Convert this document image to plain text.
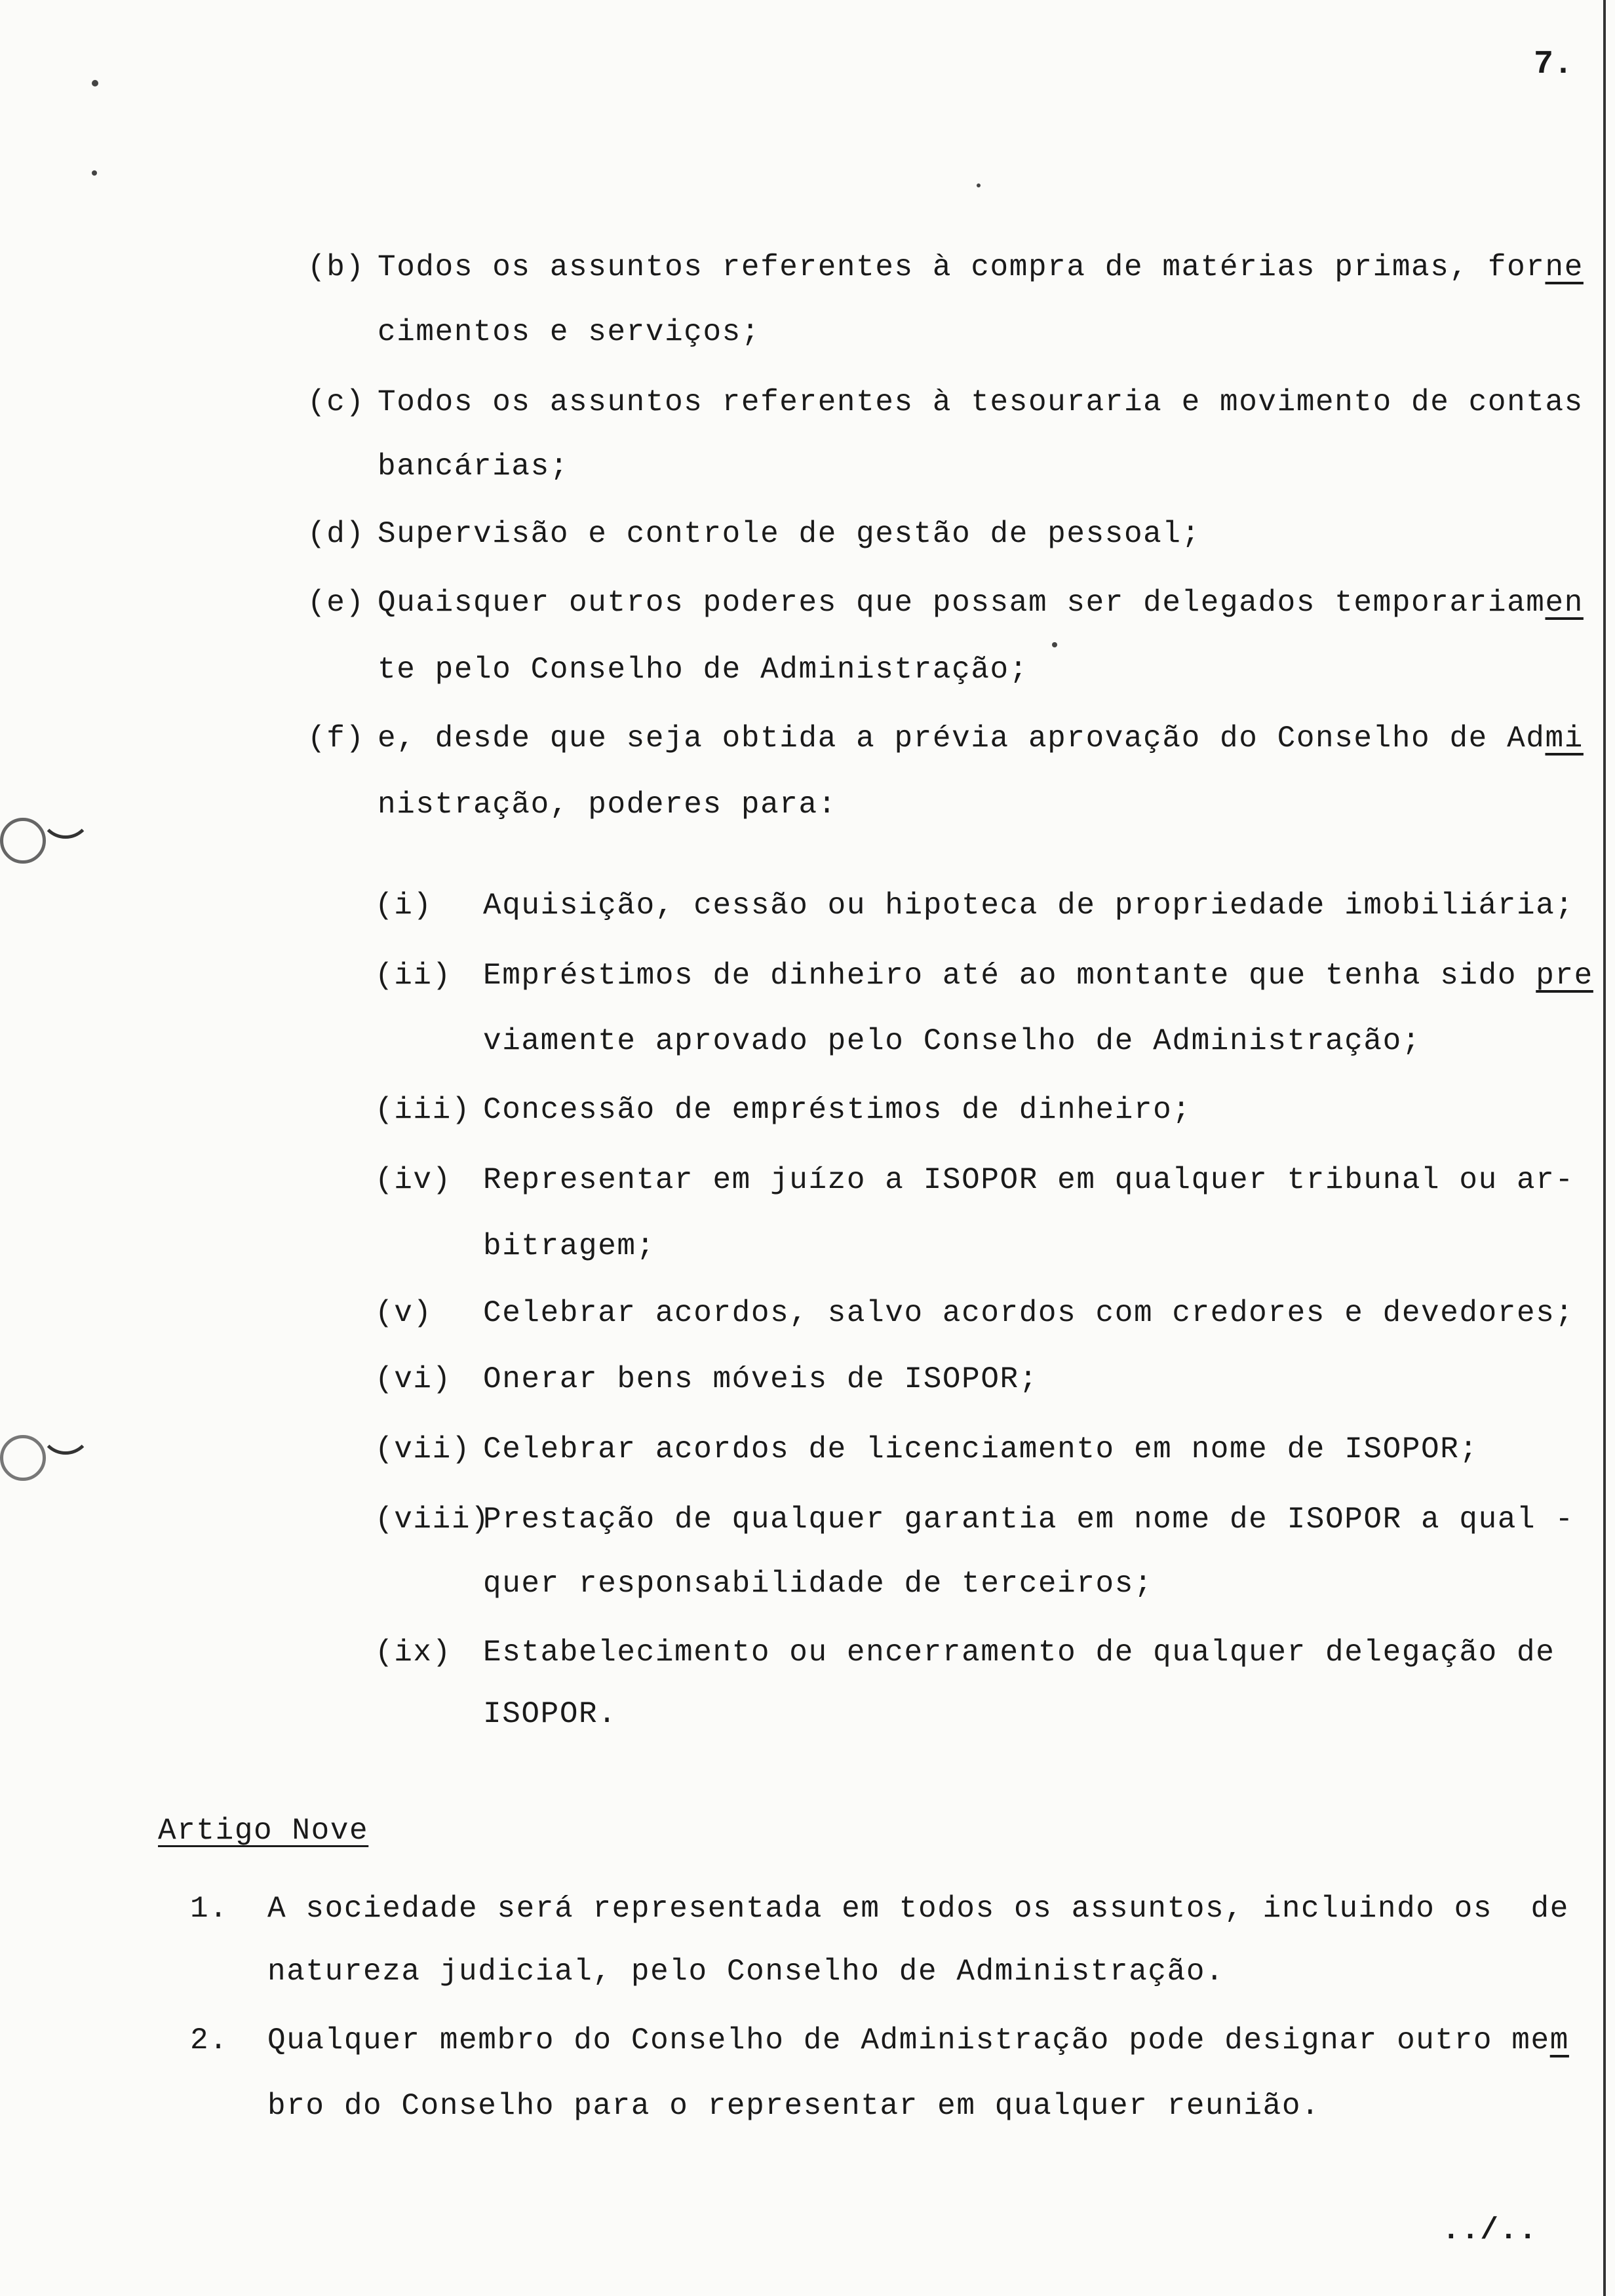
7.
Artigo Nove
../..
(b) Todos os assuntos referentes à compra de matérias primas, forne
cimentos e serviços;
(c) Todos os assuntos referentes à tesouraria e movimento de contas
bancárias;
(d) Supervisão e controle de gestão de pessoal;
(e) Quaisquer outros poderes que possam ser delegados temporariamen
te pelo Conselho de Administração;
(f) e, desde que seja obtida a prévia aprovação do Conselho de Admi
nistração, poderes para:
(i) Aquisição, cessão ou hipoteca de propriedade imobiliária;
(ii) Empréstimos de dinheiro até ao montante que tenha sido pre
viamente aprovado pelo Conselho de Administração;
(iii) Concessão de empréstimos de dinheiro;
(iv) Representar em juízo a ISOPOR em qualquer tribunal ou ar-
bitragem;
(v) Celebrar acordos, salvo acordos com credores e devedores;
(vi) Onerar bens móveis de ISOPOR;
(vii) Celebrar acordos de licenciamento em nome de ISOPOR;
(viii)
Prestação de qualquer garantia em nome de ISOPOR a qual -
quer responsabilidade de terceiros;
(ix) Estabelecimento ou encerramento de qualquer delegação de
ISOPOR.
1. A sociedade será representada em todos os assuntos, incluindo os  de
natureza judicial, pelo Conselho de Administração.
2. Qualquer membro do Conselho de Administração pode designar outro mem
bro do Conselho para o representar em qualquer reunião.
